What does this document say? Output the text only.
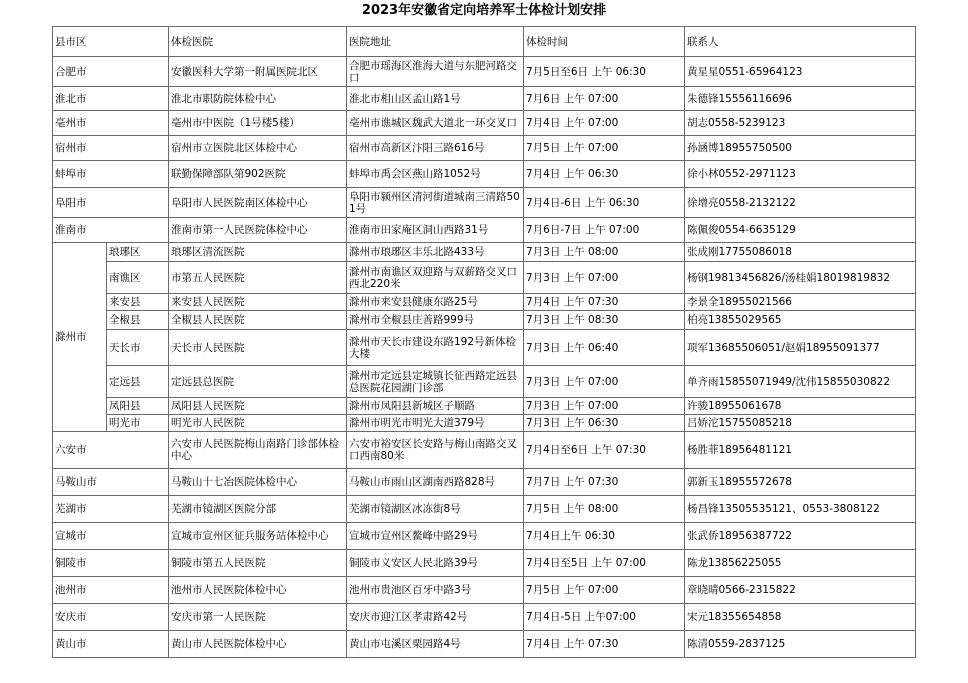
2023年安徽省定向培养军士体检计划安排
县市区		体检医院	医院地址	体检时间	联系人
合肥市		安徽医科大学第一附属医院北区	合肥市瑶海区淮海大道与东肥河路交口	7月5日至6日 上午 06:30	黄星星0551-65964123
淮北市		淮北市职防院体检中心	淮北市相山区孟山路1号	7月6日 上午 07:00	朱德锋15556116696
亳州市		亳州市中医院（1号楼5楼）	亳州市谯城区魏武大道北一环交叉口	7月4日 上午 07:00	胡志0558-5239123
宿州市		宿州市立医院北区体检中心	宿州市高新区汴阳三路616号	7月5日 上午 07:00	孙涵博18955750500
蚌埠市		联勤保障部队第902医院	蚌埠市禹会区燕山路1052号	7月4日 上午 06:30	徐小林0552-2971123
阜阳市		阜阳市人民医院南区体检中心	阜阳市颍州区清河街道城南三清路501号	7月4日-6日 上午 06:30	徐增亮0558-2132122
淮南市		淮南市第一人民医院体检中心	淮南市田家庵区洞山西路31号	7月6日-7日 上午 07:00	陈佩俊0554-6635129
滁州市	琅琊区	琅琊区清流医院	滁州市琅琊区丰乐北路433号	7月3日 上午 08:00	张成刚17755086018
	南谯区	市第五人民医院	滁州市南谯区双迎路与双薪路交叉口西北220米	7月3日 上午 07:00	杨钢19813456826/汤桂娟18019819832
	来安县	来安县人民医院	滁州市来安县健康东路25号	7月4日 上午 07:30	李景全18955021566
	全椒县	全椒县人民医院	滁州市全椒县庄善路999号	7月3日 上午 08:30	柏亮13855029565
	天长市	天长市人民医院	滁州市天长市建设东路192号新体检大楼	7月3日 上午 06:40	项军13685506051/赵娟18955091377
	定远县	定远县总医院	滁州市定远县定城镇长征西路定远县总医院花园湖门诊部	7月3日 上午 07:00	单齐雨15855071949/沈伟15855030822
	凤阳县	凤阳县人民医院	滁州市凤阳县新城区子顺路	7月3日 上午 07:00	许骏18955061678
	明光市	明光市人民医院	滁州市明光市明光大道379号	7月3日 上午 06:30	吕娇沱15755085218
六安市		六安市人民医院梅山南路门诊部体检中心	六安市裕安区长安路与梅山南路交叉口西南80米	7月4日至6日 上午 07:30	杨胜菲18956481121
马鞍山市		马鞍山十七冶医院体检中心	马鞍山市雨山区湖南西路828号	7月7日 上午 07:30	郭新玉18955572678
芜湖市		芜湖市镜湖区医院分部	芜湖市镜湖区冰冻街8号	7月5日 上午 08:00	杨昌锋13505535121、0553-3808122
宣城市		宣城市宣州区征兵服务站体检中心	宣城市宣州区鳌峰中路29号	7月4日上午 06:30	张武侨18956387722
铜陵市		铜陵市第五人民医院	铜陵市义安区人民北路39号	7月4日至5日 上午 07:00	陈龙13856225055
池州市		池州市人民医院体检中心	池州市贵池区百牙中路3号	7月5日 上午 07:00	章晓晴0566-2315822
安庆市		安庆市第一人民医院	安庆市迎江区孝肃路42号	7月4日-5日 上午07:00	宋元18355654858
黄山市		黄山市人民医院体检中心	黄山市屯溪区栗园路4号	7月4日 上午 07:30	陈清0559-2837125
